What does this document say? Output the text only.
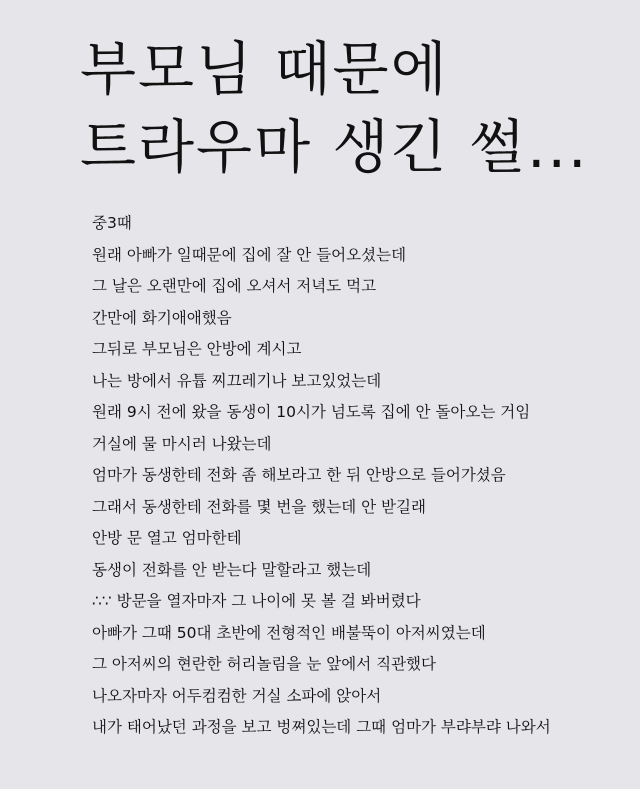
부모님 때문에
트라우마 생긴 썰...
중3때
원래 아빠가 일때문에 집에 잘 안 들어오셨는데
그 날은 오랜만에 집에 오셔서 저녁도 먹고
간만에 화기애애했음
그뒤로 부모님은 안방에 계시고
나는 방에서 유튭 찌끄레기나 보고있었는데
원래 9시 전에 왔을 동생이 10시가 넘도록 집에 안 돌아오는 거임
거실에 물 마시러 나왔는데
엄마가 동생한테 전화 좀 해보라고 한 뒤 안방으로 들어가셨음
그래서 동생한테 전화를 몇 번을 했는데 안 받길래
안방 문 열고 엄마한테
동생이 전화를 안 받는다 말할라고 했는데
∴∵ 방문을 열자마자 그 나이에 못 볼 걸 봐버렸다
아빠가 그때 50대 초반에 전형적인 배불뚝이 아저씨였는데
그 아저씨의 현란한 허리놀림을 눈 앞에서 직관했다
나오자마자 어두컴컴한 거실 소파에 앉아서
내가 태어났던 과정을 보고 벙쪄있는데 그때 엄마가 부랴부랴 나와서
